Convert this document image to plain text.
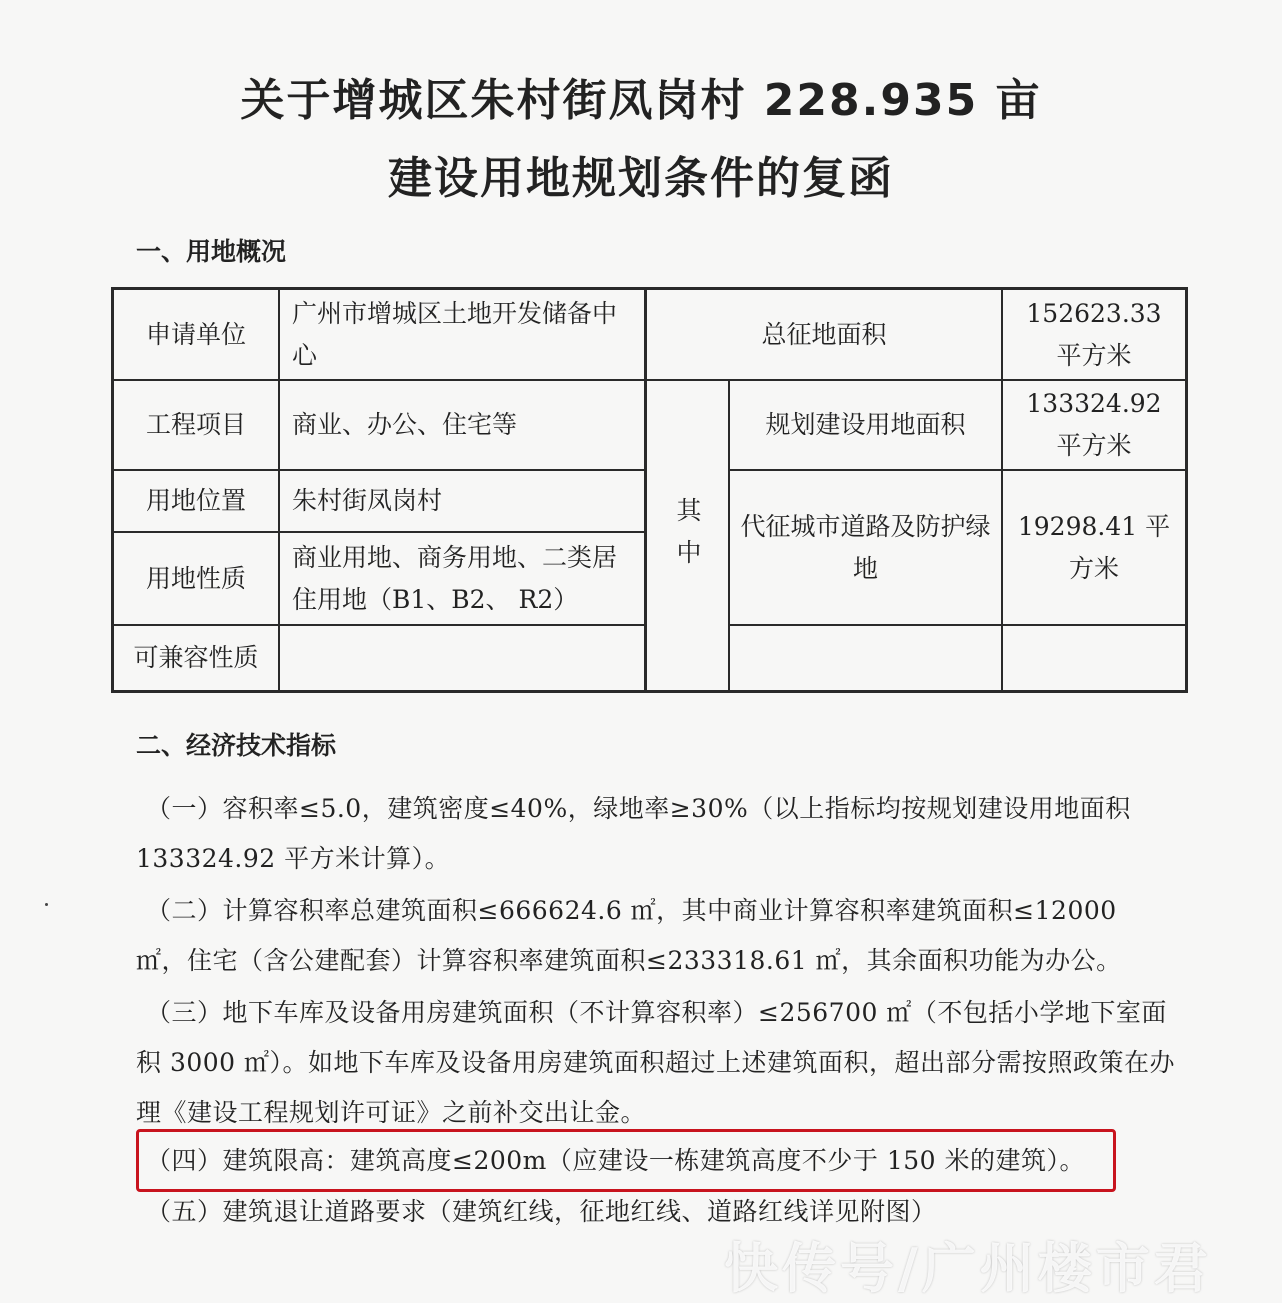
关于增城区朱村街凤岗村 228.935 亩
建设用地规划条件的复函
一、用地概况
申请单位
工程项目
用地位置
用地性质
可兼容性质
广州市增城区土地开发储备中心
商业、办公、住宅等
朱村街凤岗村
商业用地、商务用地、二类居住用地（B1、B2、 R2）
总征地面积
152623.33 平方米
其中
规划建设用地面积
133324.92 平方米
代征城市道路及防护绿地
19298.41 平方米
二、经济技术指标
（一）容积率≤5.0，建筑密度≤40%，绿地率≥30%（以上指标均按规划建设用地面积 133324.92 平方米计算）。
（二）计算容积率总建筑面积≤666624.6 ㎡，其中商业计算容积率建筑面积≤12000 ㎡，住宅（含公建配套）计算容积率建筑面积≤233318.61 ㎡，其余面积功能为办公。
（三）地下车库及设备用房建筑面积（不计算容积率）≤256700 ㎡（不包括小学地下室面积 3000 ㎡）。如地下车库及设备用房建筑面积超过上述建筑面积，超出部分需按照政策在办理《建设工程规划许可证》之前补交出让金。
（四）建筑限高：建筑高度≤200m（应建设一栋建筑高度不少于 150 米的建筑）。
（五）建筑退让道路要求（建筑红线，征地红线、道路红线详见附图）
快传号/广州楼市君
